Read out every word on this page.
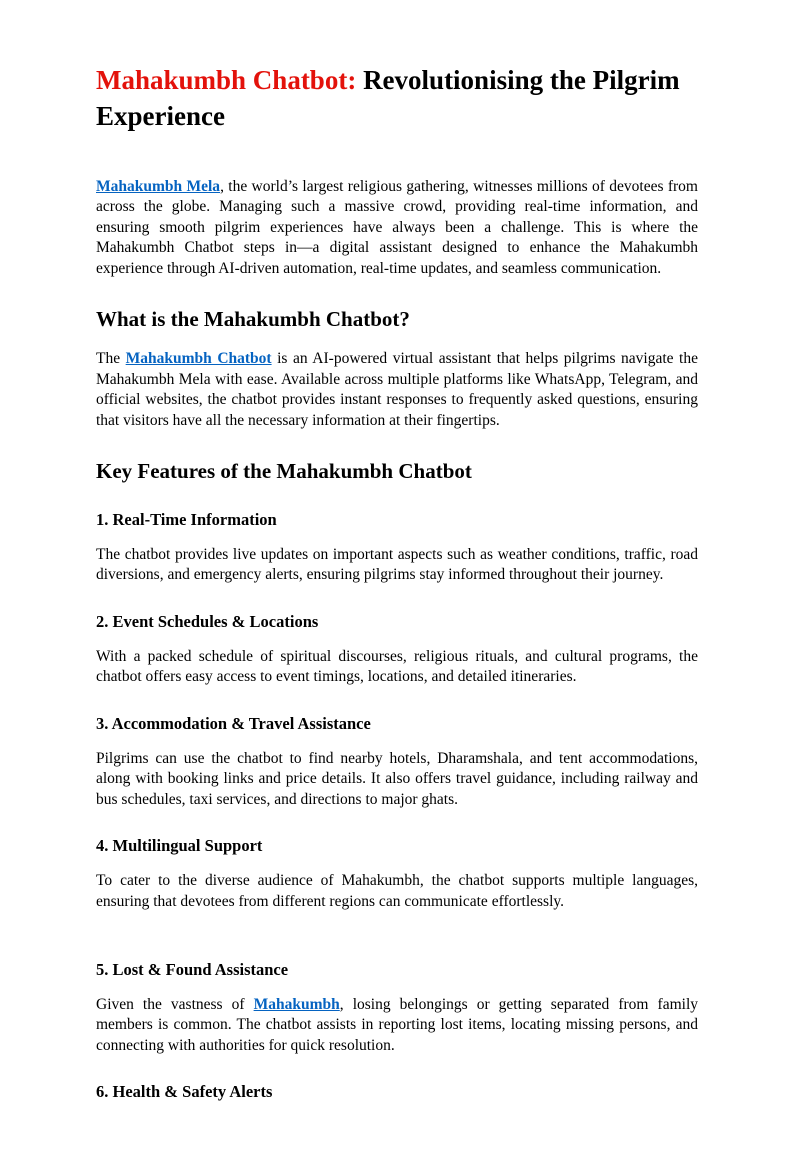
Mahakumbh Chatbot: Revolutionising the Pilgrim Experience

Mahakumbh Mela, the world’s largest religious gathering, witnesses millions of devotees from across the globe. Managing such a massive crowd, providing real-time information, and ensuring smooth pilgrim experiences have always been a challenge. This is where the Mahakumbh Chatbot steps in—a digital assistant designed to enhance the Mahakumbh experience through AI-driven automation, real-time updates, and seamless communication.

What is the Mahakumbh Chatbot?

The Mahakumbh Chatbot is an AI-powered virtual assistant that helps pilgrims navigate the Mahakumbh Mela with ease. Available across multiple platforms like WhatsApp, Telegram, and official websites, the chatbot provides instant responses to frequently asked questions, ensuring that visitors have all the necessary information at their fingertips.

Key Features of the Mahakumbh Chatbot
1. Real-Time Information

The chatbot provides live updates on important aspects such as weather conditions, traffic, road diversions, and emergency alerts, ensuring pilgrims stay informed throughout their journey.

2. Event Schedules & Locations

With a packed schedule of spiritual discourses, religious rituals, and cultural programs, the chatbot offers easy access to event timings, locations, and detailed itineraries.

3. Accommodation & Travel Assistance

Pilgrims can use the chatbot to find nearby hotels, Dharamshala, and tent accommodations, along with booking links and price details. It also offers travel guidance, including railway and bus schedules, taxi services, and directions to major ghats.

4. Multilingual Support

To cater to the diverse audience of Mahakumbh, the chatbot supports multiple languages, ensuring that devotees from different regions can communicate effortlessly.

5. Lost & Found Assistance

Given the vastness of Mahakumbh, losing belongings or getting separated from family members is common. The chatbot assists in reporting lost items, locating missing persons, and connecting with authorities for quick resolution.

6. Health & Safety Alerts
